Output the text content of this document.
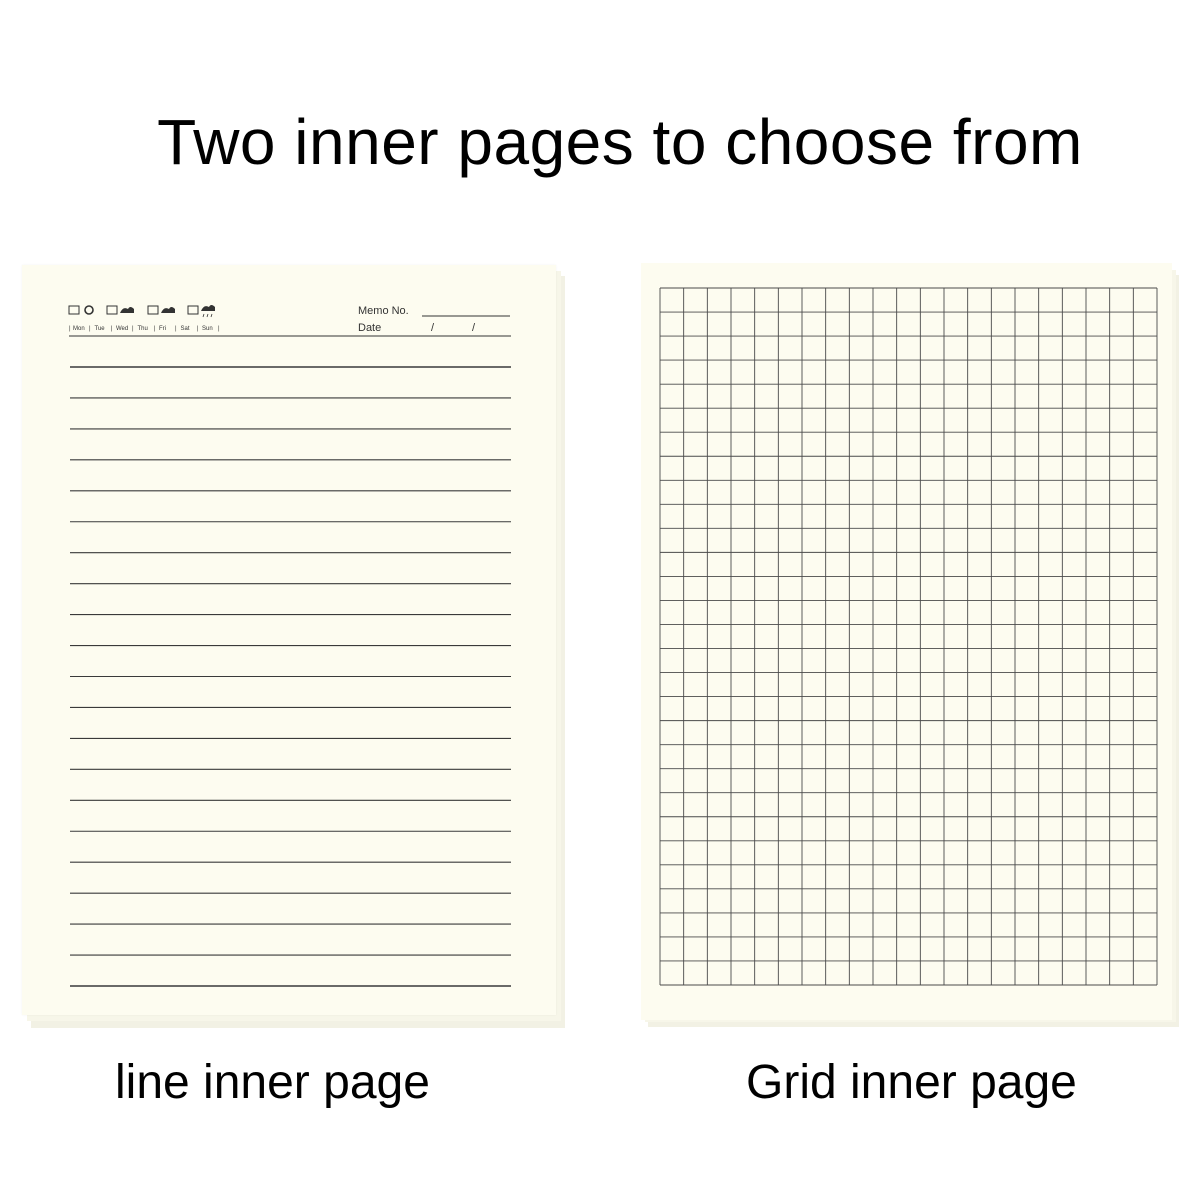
Two inner pages to choose from
| Mon | Tue | Wed | Thu | Fri | Sat | Sun |
Memo No.
Date	/	/
line inner page	Grid inner page
